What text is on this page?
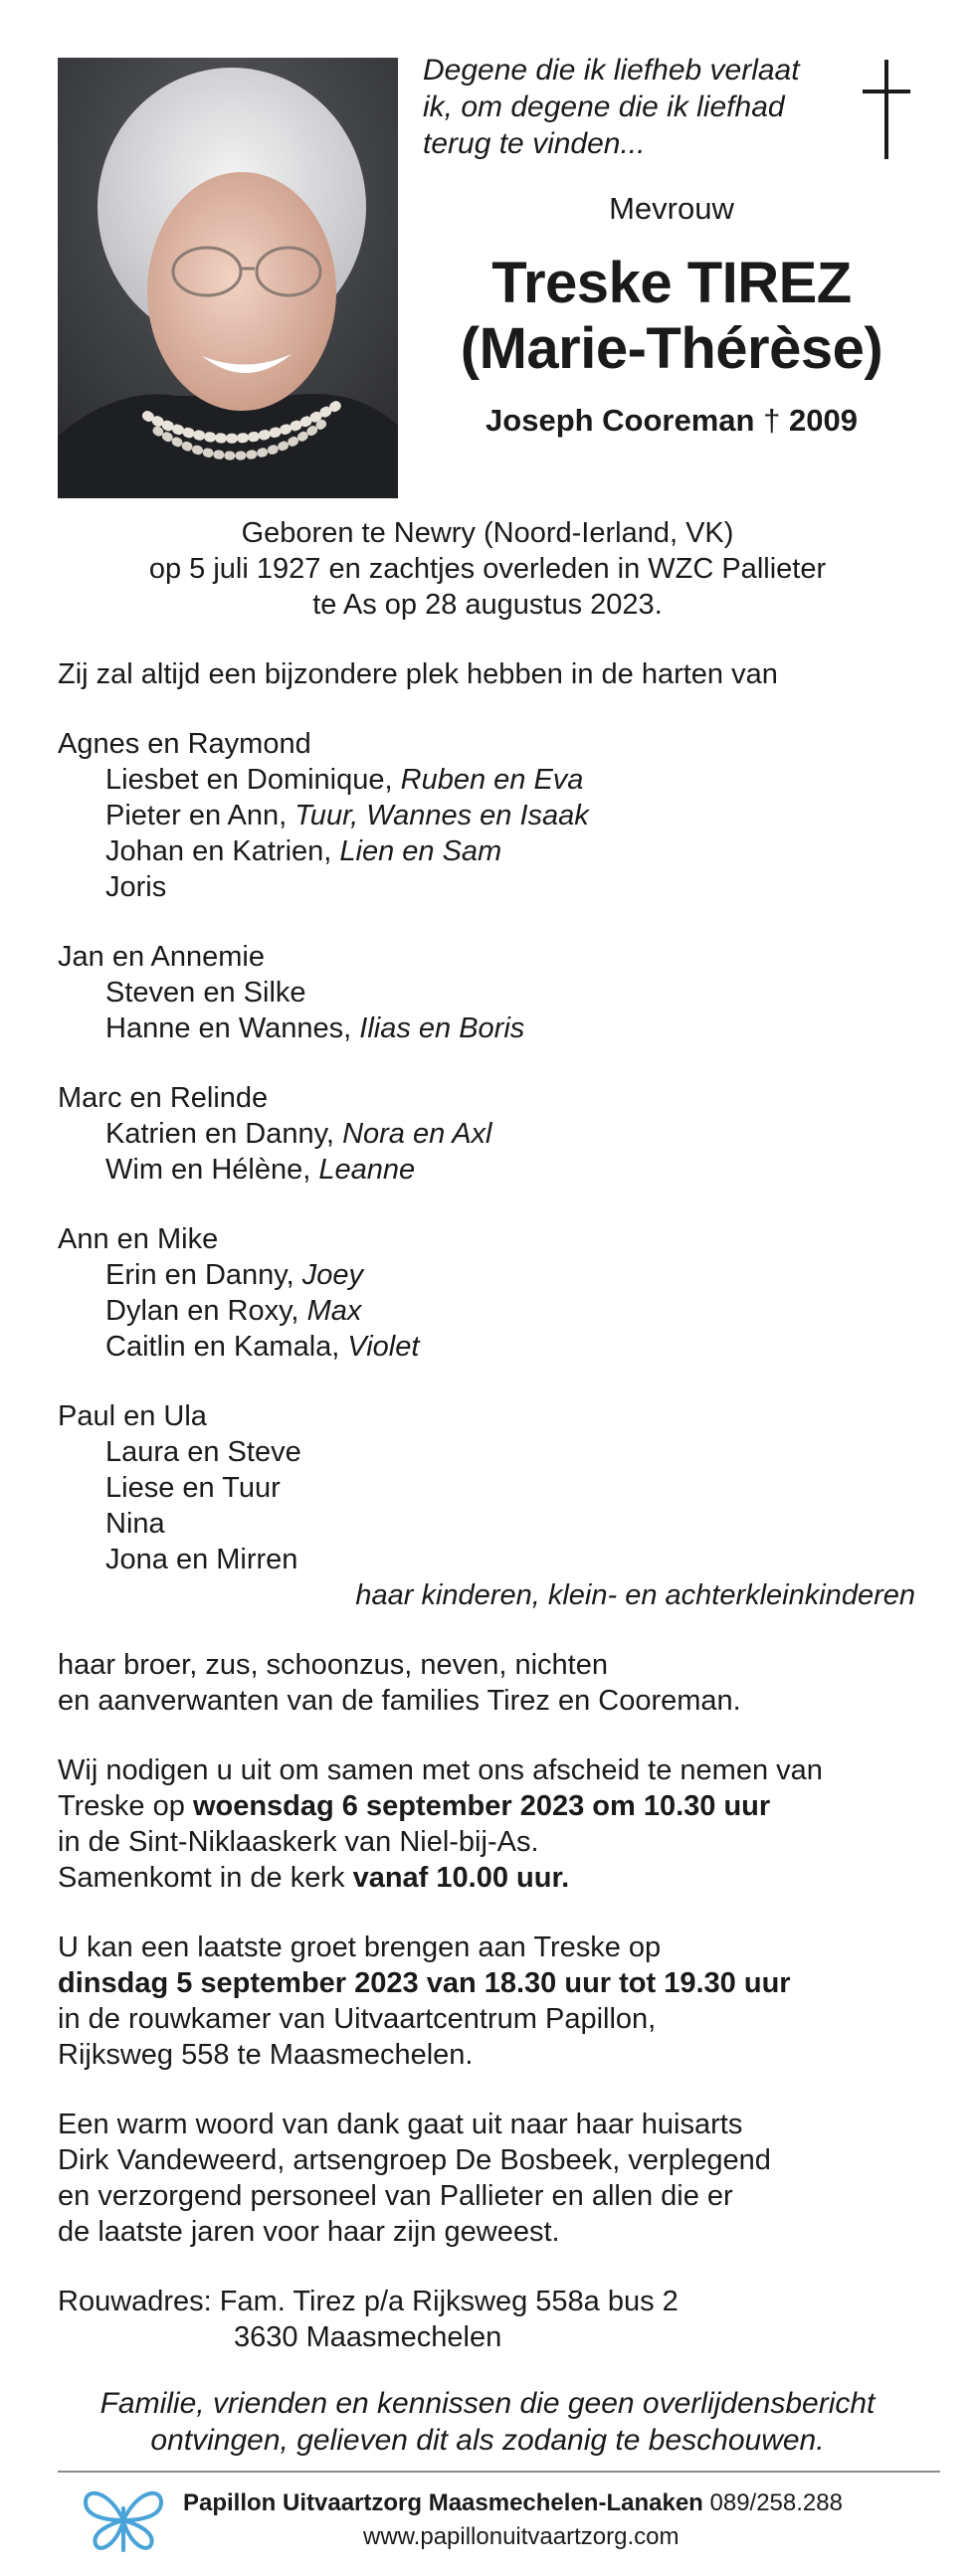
Degene die ik liefheb verlaat
ik, om degene die ik liefhad
terug te vinden...
Mevrouw
Treske TIREZ
(Marie-Thérèse)
Joseph Cooreman † 2009
Geboren te Newry (Noord-Ierland, VK)
op 5 juli 1927 en zachtjes overleden in WZC Pallieter
te As op 28 augustus 2023.
Zij zal altijd een bijzondere plek hebben in de harten van
Agnes en Raymond
Liesbet en Dominique, Ruben en Eva
Pieter en Ann, Tuur, Wannes en Isaak
Johan en Katrien, Lien en Sam
Joris
Jan en Annemie
Steven en Silke
Hanne en Wannes, Ilias en Boris
Marc en Relinde
Katrien en Danny, Nora en Axl
Wim en Hélène, Leanne
Ann en Mike
Erin en Danny, Joey
Dylan en Roxy, Max
Caitlin en Kamala, Violet
Paul en Ula
Laura en Steve
Liese en Tuur
Nina
Jona en Mirren
haar kinderen, klein- en achterkleinkinderen
haar broer, zus, schoonzus, neven, nichten
en aanverwanten van de families Tirez en Cooreman.
Wij nodigen u uit om samen met ons afscheid te nemen van
Treske op woensdag 6 september 2023 om 10.30 uur
in de Sint-Niklaaskerk van Niel-bij-As.
Samenkomt in de kerk vanaf 10.00 uur.
U kan een laatste groet brengen aan Treske op
dinsdag 5 september 2023 van 18.30 uur tot 19.30 uur
in de rouwkamer van Uitvaartcentrum Papillon,
Rijksweg 558 te Maasmechelen.
Een warm woord van dank gaat uit naar haar huisarts
Dirk Vandeweerd, artsengroep De Bosbeek, verplegend
en verzorgend personeel van Pallieter en allen die er
de laatste jaren voor haar zijn geweest.
Rouwadres: Fam. Tirez p/a Rijksweg 558a bus 2
3630 Maasmechelen
Familie, vrienden en kennissen die geen overlijdensbericht
ontvingen, gelieven dit als zodanig te beschouwen.
Papillon Uitvaartzorg Maasmechelen-Lanaken 089/258.288
www.papillonuitvaartzorg.com
